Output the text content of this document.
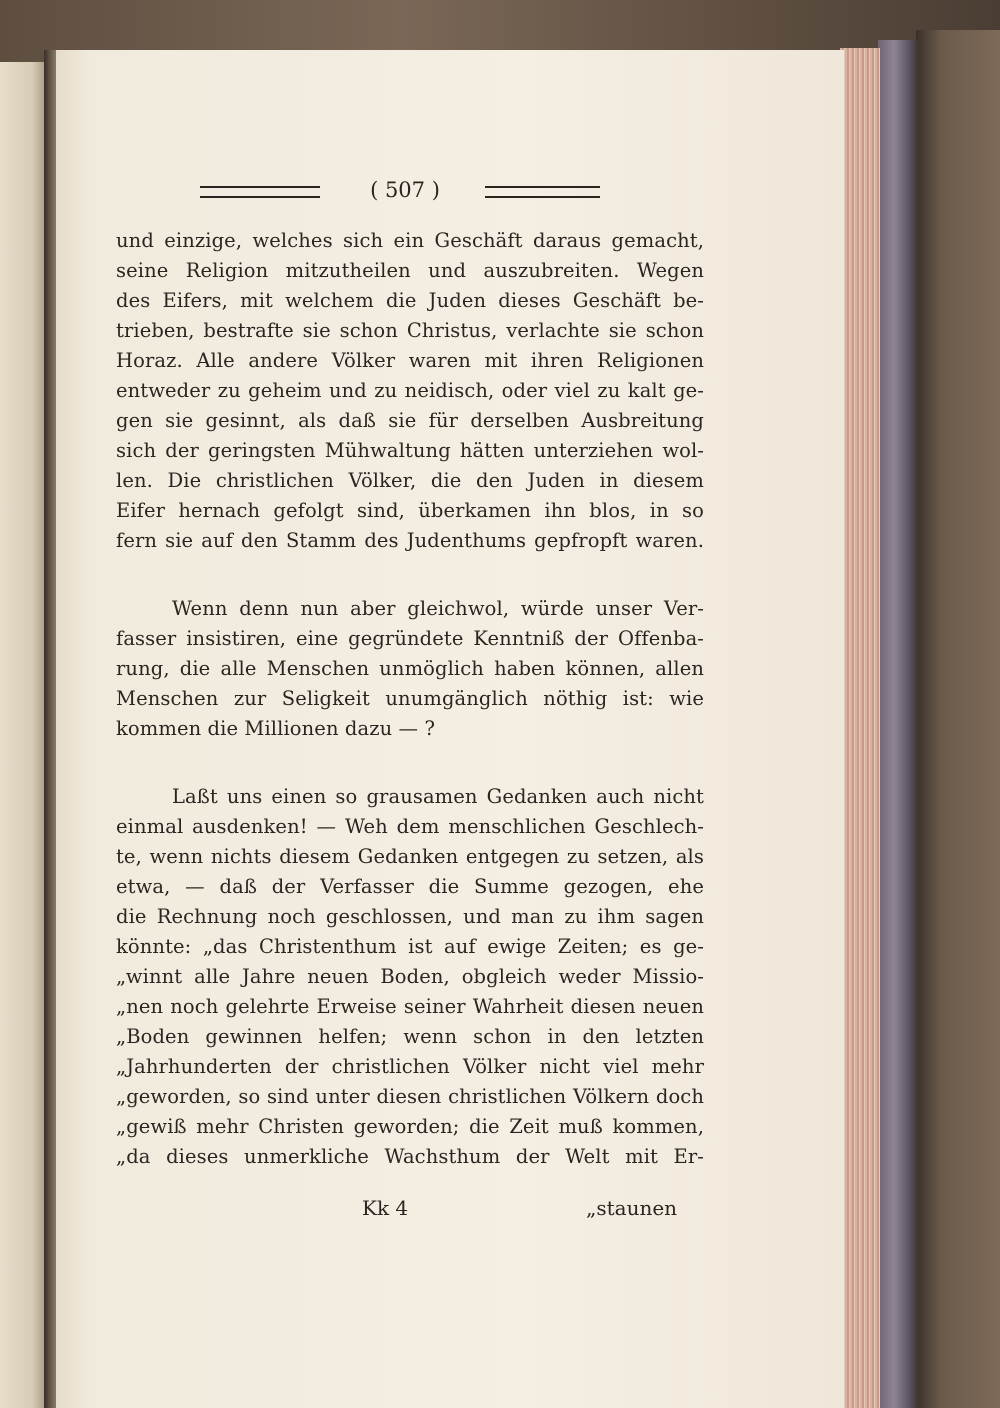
( 507 )
und einzige, welches sich ein Geschäft daraus gemacht,
seine Religion mitzutheilen und auszubreiten. Wegen
des Eifers, mit welchem die Juden dieses Geschäft be-
trieben, bestrafte sie schon Christus, verlachte sie schon
Horaz. Alle andere Völker waren mit ihren Religionen
entweder zu geheim und zu neidisch, oder viel zu kalt ge-
gen sie gesinnt, als daß sie für derselben Ausbreitung
sich der geringsten Mühwaltung hätten unterziehen wol-
len. Die christlichen Völker, die den Juden in diesem
Eifer hernach gefolgt sind, überkamen ihn blos, in so
fern sie auf den Stamm des Judenthums gepfropft waren.
Wenn denn nun aber gleichwol, würde unser Ver-
fasser insistiren, eine gegründete Kenntniß der Offenba-
rung, die alle Menschen unmöglich haben können, allen
Menschen zur Seligkeit unumgänglich nöthig ist: wie
kommen die Millionen dazu — ?
Laßt uns einen so grausamen Gedanken auch nicht
einmal ausdenken! — Weh dem menschlichen Geschlech-
te, wenn nichts diesem Gedanken entgegen zu setzen, als
etwa, — daß der Verfasser die Summe gezogen, ehe
die Rechnung noch geschlossen, und man zu ihm sagen
könnte: „das Christenthum ist auf ewige Zeiten; es ge-
„winnt alle Jahre neuen Boden, obgleich weder Missio-
„nen noch gelehrte Erweise seiner Wahrheit diesen neuen
„Boden gewinnen helfen; wenn schon in den letzten
„Jahrhunderten der christlichen Völker nicht viel mehr
„geworden, so sind unter diesen christlichen Völkern doch
„gewiß mehr Christen geworden; die Zeit muß kommen,
„da dieses unmerkliche Wachsthum der Welt mit Er-
Kk 4	„staunen
